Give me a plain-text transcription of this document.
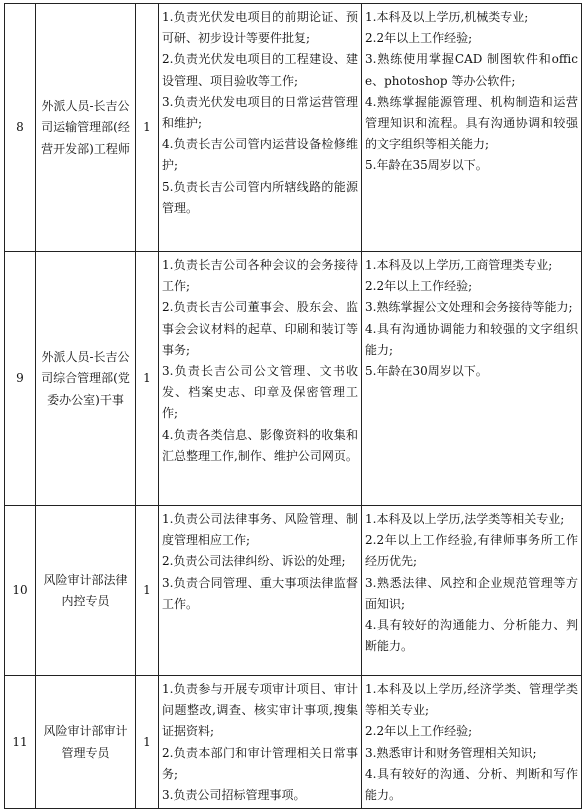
8	外派人员-长吉公司运输管理部(经营开发部)工程师	1	1.负责光伏发电项目的前期论证、预可研、初步设计等要件批复;
2.负责光伏发电项目的工程建设、建设管理、项目验收等工作;
3.负责光伏发电项目的日常运营管理和维护;
4.负责长吉公司管内运营设备检修维护;
5.负责长吉公司管内所辖线路的能源管理。	1.本科及以上学历,机械类专业;
2.2年以上工作经验;
3.熟练使用掌握CAD 制图软件和office、photoshop 等办公软件;
4.熟练掌握能源管理、机构制造和运营管理知识和流程。具有沟通协调和较强的文字组织等相关能力;
5.年龄在35周岁以下。

9	外派人员-长吉公司综合管理部(党委办公室)干事	1	1.负责长吉公司各种会议的会务接待工作;
2.负责长吉公司董事会、股东会、监事会会议材料的起草、印刷和装订等事务;
3.负责长吉公司公文管理、文书收发、档案史志、印章及保密管理工作;
4.负责各类信息、影像资料的收集和汇总整理工作,制作、维护公司网页。	1.本科及以上学历,工商管理类专业;
2.2年以上工作经验;
3.熟练掌握公文处理和会务接待等能力;
4.具有沟通协调能力和较强的文字组织能力;
5.年龄在30周岁以下。

10	风险审计部法律内控专员	1	1.负责公司法律事务、风险管理、制度管理相应工作;
2.负责公司法律纠纷、诉讼的处理;
3.负责合同管理、重大事项法律监督工作。	1.本科及以上学历,法学类等相关专业;
2.2年以上工作经验,有律师事务所工作经历优先;
3.熟悉法律、风控和企业规范管理等方面知识;
4.具有较好的沟通能力、分析能力、判断能力。

11	风险审计部审计管理专员	1	1.负责参与开展专项审计项目、审计问题整改,调查、核实审计事项,搜集证据资料;
2.负责本部门和审计管理相关日常事务;
3.负责公司招标管理事项。	1.本科及以上学历,经济学类、管理学类等相关专业;
2.2年以上工作经验;
3.熟悉审计和财务管理相关知识;
4.具有较好的沟通、分析、判断和写作能力。
